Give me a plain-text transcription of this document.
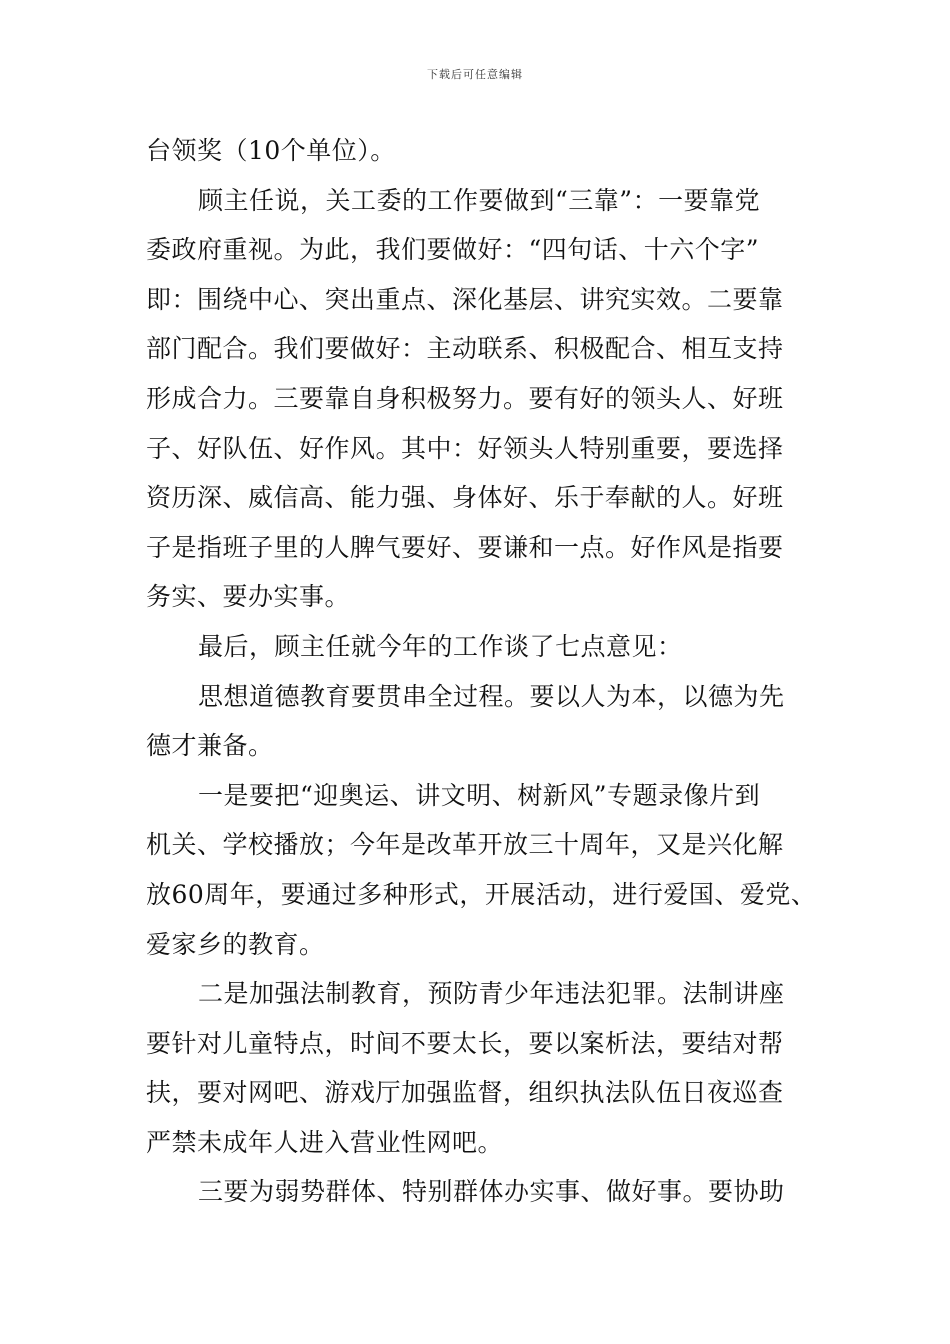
下载后可任意编辑
台领奖（10个单位）。
顾主任说，关工委的工作要做到“三靠”：一要靠党
委政府重视。为此，我们要做好：“四句话、十六个字”
即：围绕中心、突出重点、深化基层、讲究实效。二要靠
部门配合。我们要做好：主动联系、积极配合、相互支持
形成合力。三要靠自身积极努力。要有好的领头人、好班
子、好队伍、好作风。其中：好领头人特别重要，要选择
资历深、威信高、能力强、身体好、乐于奉献的人。好班
子是指班子里的人脾气要好、要谦和一点。好作风是指要
务实、要办实事。
最后，顾主任就今年的工作谈了七点意见：
思想道德教育要贯串全过程。要以人为本，以德为先
德才兼备。
一是要把“迎奥运、讲文明、树新风”专题录像片到
机关、学校播放；今年是改革开放三十周年，又是兴化解
放60周年，要通过多种形式，开展活动，进行爱国、爱党、
爱家乡的教育。
二是加强法制教育，预防青少年违法犯罪。法制讲座
要针对儿童特点，时间不要太长，要以案析法，要结对帮
扶，要对网吧、游戏厅加强监督，组织执法队伍日夜巡查
严禁未成年人进入营业性网吧。
三要为弱势群体、特别群体办实事、做好事。要协助
